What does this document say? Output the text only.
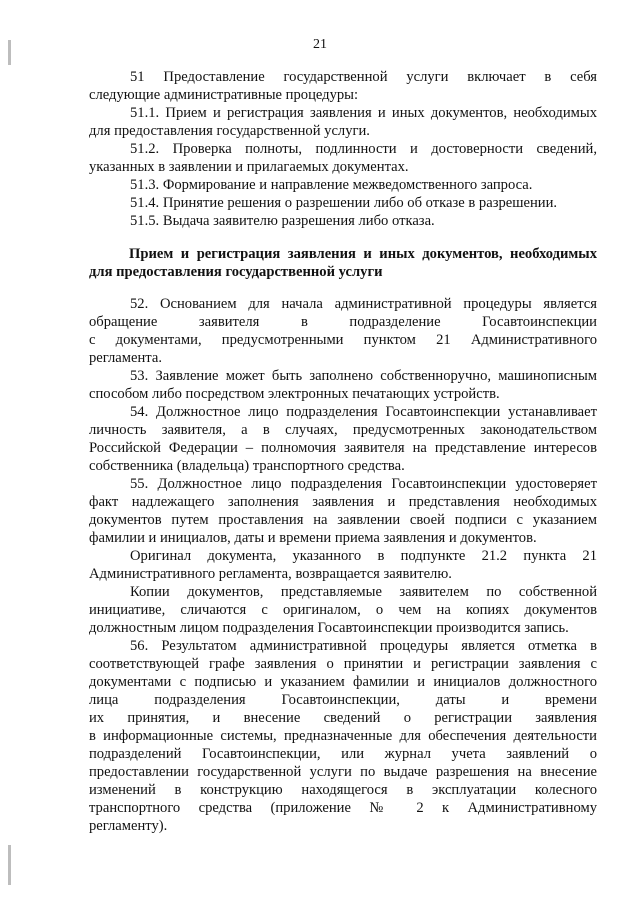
21
51 Предоставление государственной услуги включает в себя
следующие административные процедуры:
51.1. Прием и регистрация заявления и иных документов, необходимых
для предоставления государственной услуги.
51.2. Проверка полноты, подлинности и достоверности сведений,
указанных в заявлении и прилагаемых документах.
51.3. Формирование и направление межведомственного запроса.
51.4. Принятие решения о разрешении либо об отказе в разрешении.
51.5. Выдача заявителю разрешения либо отказа.
Прием и регистрация заявления и иных документов, необходимых
для предоставления государственной услуги
52. Основанием для начала административной процедуры является
обращение заявителя в подразделение Госавтоинспекции
с документами, предусмотренными пунктом 21 Административного
регламента.
53. Заявление может быть заполнено собственноручно, машинописным
способом либо посредством электронных печатающих устройств.
54. Должностное лицо подразделения Госавтоинспекции устанавливает
личность заявителя, а в случаях, предусмотренных законодательством
Российской Федерации – полномочия заявителя на представление интересов
собственника (владельца) транспортного средства.
55. Должностное лицо подразделения Госавтоинспекции удостоверяет
факт надлежащего заполнения заявления и представления необходимых
документов путем проставления на заявлении своей подписи с указанием
фамилии и инициалов, даты и времени приема заявления и документов.
Оригинал документа, указанного в подпункте 21.2 пункта 21
Административного регламента, возвращается заявителю.
Копии документов, представляемые заявителем по собственной
инициативе, сличаются с оригиналом, о чем на копиях документов
должностным лицом подразделения Госавтоинспекции производится запись.
56. Результатом административной процедуры является отметка в
соответствующей графе заявления о принятии и регистрации заявления с
документами с подписью и указанием фамилии и инициалов должностного
лица подразделения Госавтоинспекции, даты и времени
их принятия, и внесение сведений о регистрации заявления
в информационные системы, предназначенные для обеспечения деятельности
подразделений Госавтоинспекции, или журнал учета заявлений о
предоставлении государственной услуги по выдаче разрешения на внесение
изменений в конструкцию находящегося в эксплуатации колесного
транспортного средства (приложение № 2 к Административному
регламенту).
